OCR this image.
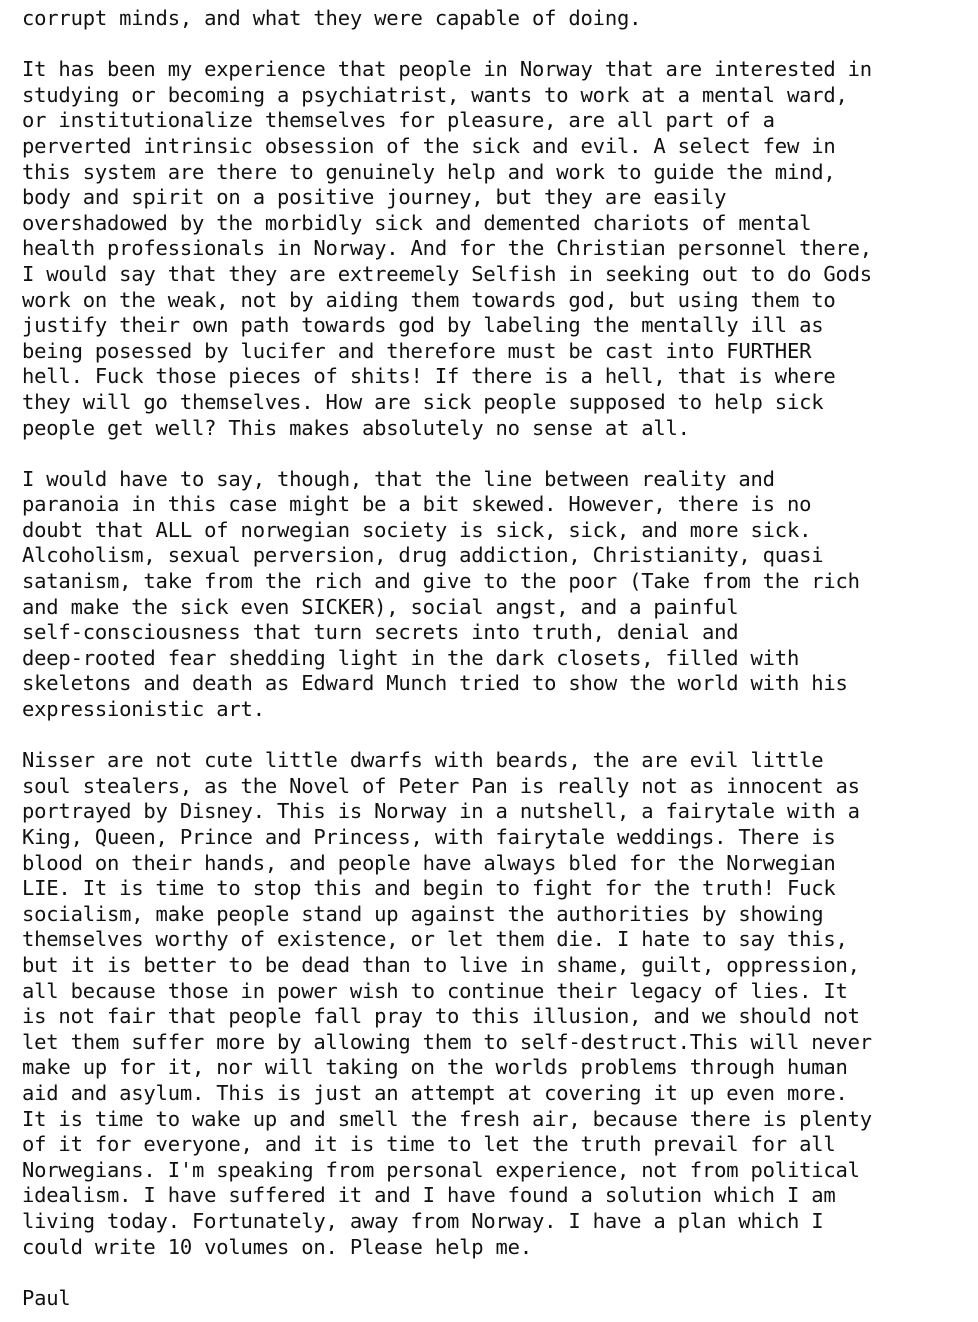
corrupt minds, and what they were capable of doing.
It has been my experience that people in Norway that are interested in
studying or becoming a psychiatrist, wants to work at a mental ward,
or institutionalize themselves for pleasure, are all part of a
perverted intrinsic obsession of the sick and evil. A select few in
this system are there to genuinely help and work to guide the mind,
body and spirit on a positive journey, but they are easily
overshadowed by the morbidly sick and demented chariots of mental
health professionals in Norway. And for the Christian personnel there,
I would say that they are extreemely Selfish in seeking out to do Gods
work on the weak, not by aiding them towards god, but using them to
justify their own path towards god by labeling the mentally ill as
being posessed by lucifer and therefore must be cast into FURTHER
hell. Fuck those pieces of shits! If there is a hell, that is where
they will go themselves. How are sick people supposed to help sick
people get well? This makes absolutely no sense at all.
I would have to say, though, that the line between reality and
paranoia in this case might be a bit skewed. However, there is no
doubt that ALL of norwegian society is sick, sick, and more sick.
Alcoholism, sexual perversion, drug addiction, Christianity, quasi
satanism, take from the rich and give to the poor (Take from the rich
and make the sick even SICKER), social angst, and a painful
self-consciousness that turn secrets into truth, denial and
deep-rooted fear shedding light in the dark closets, filled with
skeletons and death as Edward Munch tried to show the world with his
expressionistic art.
Nisser are not cute little dwarfs with beards, the are evil little
soul stealers, as the Novel of Peter Pan is really not as innocent as
portrayed by Disney. This is Norway in a nutshell, a fairytale with a
King, Queen, Prince and Princess, with fairytale weddings. There is
blood on their hands, and people have always bled for the Norwegian
LIE. It is time to stop this and begin to fight for the truth! Fuck
socialism, make people stand up against the authorities by showing
themselves worthy of existence, or let them die. I hate to say this,
but it is better to be dead than to live in shame, guilt, oppression,
all because those in power wish to continue their legacy of lies. It
is not fair that people fall pray to this illusion, and we should not
let them suffer more by allowing them to self-destruct.This will never
make up for it, nor will taking on the worlds problems through human
aid and asylum. This is just an attempt at covering it up even more.
It is time to wake up and smell the fresh air, because there is plenty
of it for everyone, and it is time to let the truth prevail for all
Norwegians. I'm speaking from personal experience, not from political
idealism. I have suffered it and I have found a solution which I am
living today. Fortunately, away from Norway. I have a plan which I
could write 10 volumes on. Please help me.
Paul
